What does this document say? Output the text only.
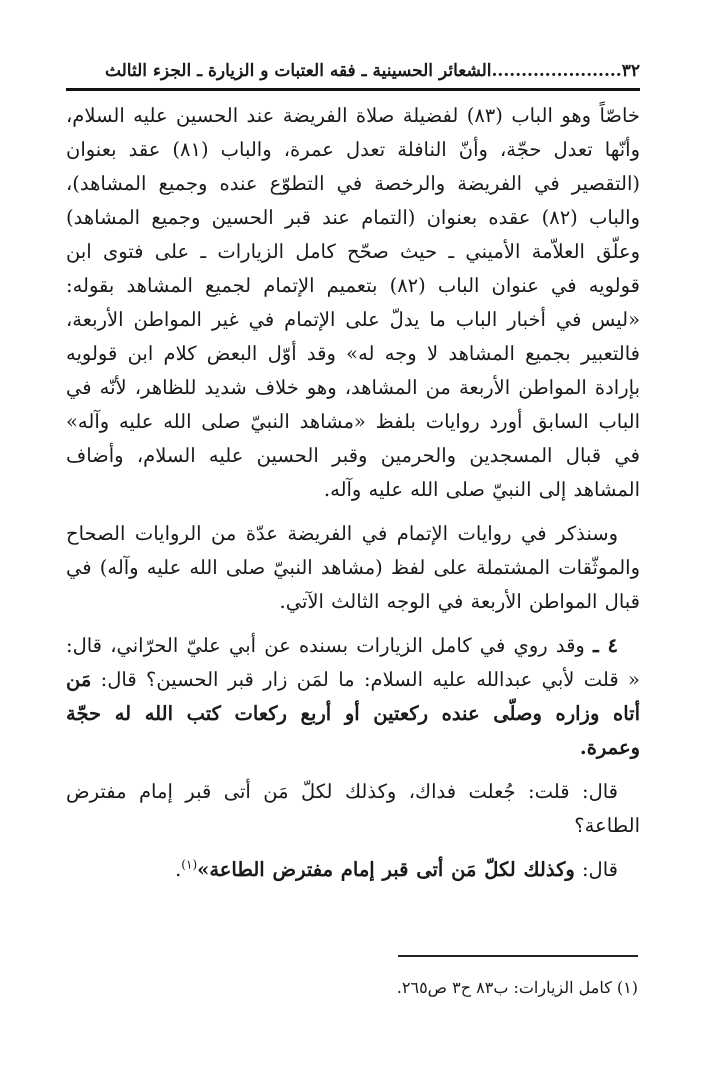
٣٢
......................
الشعائر الحسينية ـ فقه العتبات و الزيارة ـ الجزء الثالث

خاصّاً وهو الباب (٨٣) لفضيلة صلاة الفريضة عند الحسين عليه السلام، وأنّها تعدل حجّة، وأنّ النافلة تعدل عمرة، والباب (٨١) عقد بعنوان (التقصير في الفريضة والرخصة في التطوّع عنده وجميع المشاهد)، والباب (٨٢) عقده بعنوان (التمام عند قبر الحسين وجميع المشاهد) وعلّق العلاّمة الأميني ـ حيث صحّح كامل الزيارات ـ على فتوى ابن قولويه في عنوان الباب (٨٢) بتعميم الإتمام لجميع المشاهد بقوله: «ليس في أخبار الباب ما يدلّ على الإتمام في غير المواطن الأربعة، فالتعبير بجميع المشاهد لا وجه له» وقد أوّل البعض كلام ابن قولويه بإرادة المواطن الأربعة من المشاهد، وهو خلاف شديد للظاهر، لأنّه في الباب السابق أورد روايات بلفظ «مشاهد النبيّ صلى الله عليه وآله» في قبال المسجدين والحرمين وقبر الحسين عليه السلام، وأضاف المشاهد إلى النبيّ صلى الله عليه وآله.

وسنذكر في روايات الإتمام في الفريضة عدّة من الروايات الصحاح والموثّقات المشتملة على لفظ (مشاهد النبيّ صلى الله عليه وآله) في قبال المواطن الأربعة في الوجه الثالث الآتي.

٤ ـ وقد روي في كامل الزيارات بسنده عن أبي عليّ الحرّاني، قال: « قلت لأبي عبدالله عليه السلام: ما لمَن زار قبر الحسين؟ قال: مَن أتاه وزاره وصلّى عنده ركعتين أو أربع ركعات كتب الله له حجّة وعمرة.

قال: قلت: جُعلت فداك، وكذلك لكلّ مَن أتى قبر إمام مفترض الطاعة؟

قال: وكذلك لكلّ مَن أتى قبر إمام مفترض الطاعة»$^{(١)}$.

(١) كامل الزيارات: ب٨٣ ح٣ ص٢٦٥.
